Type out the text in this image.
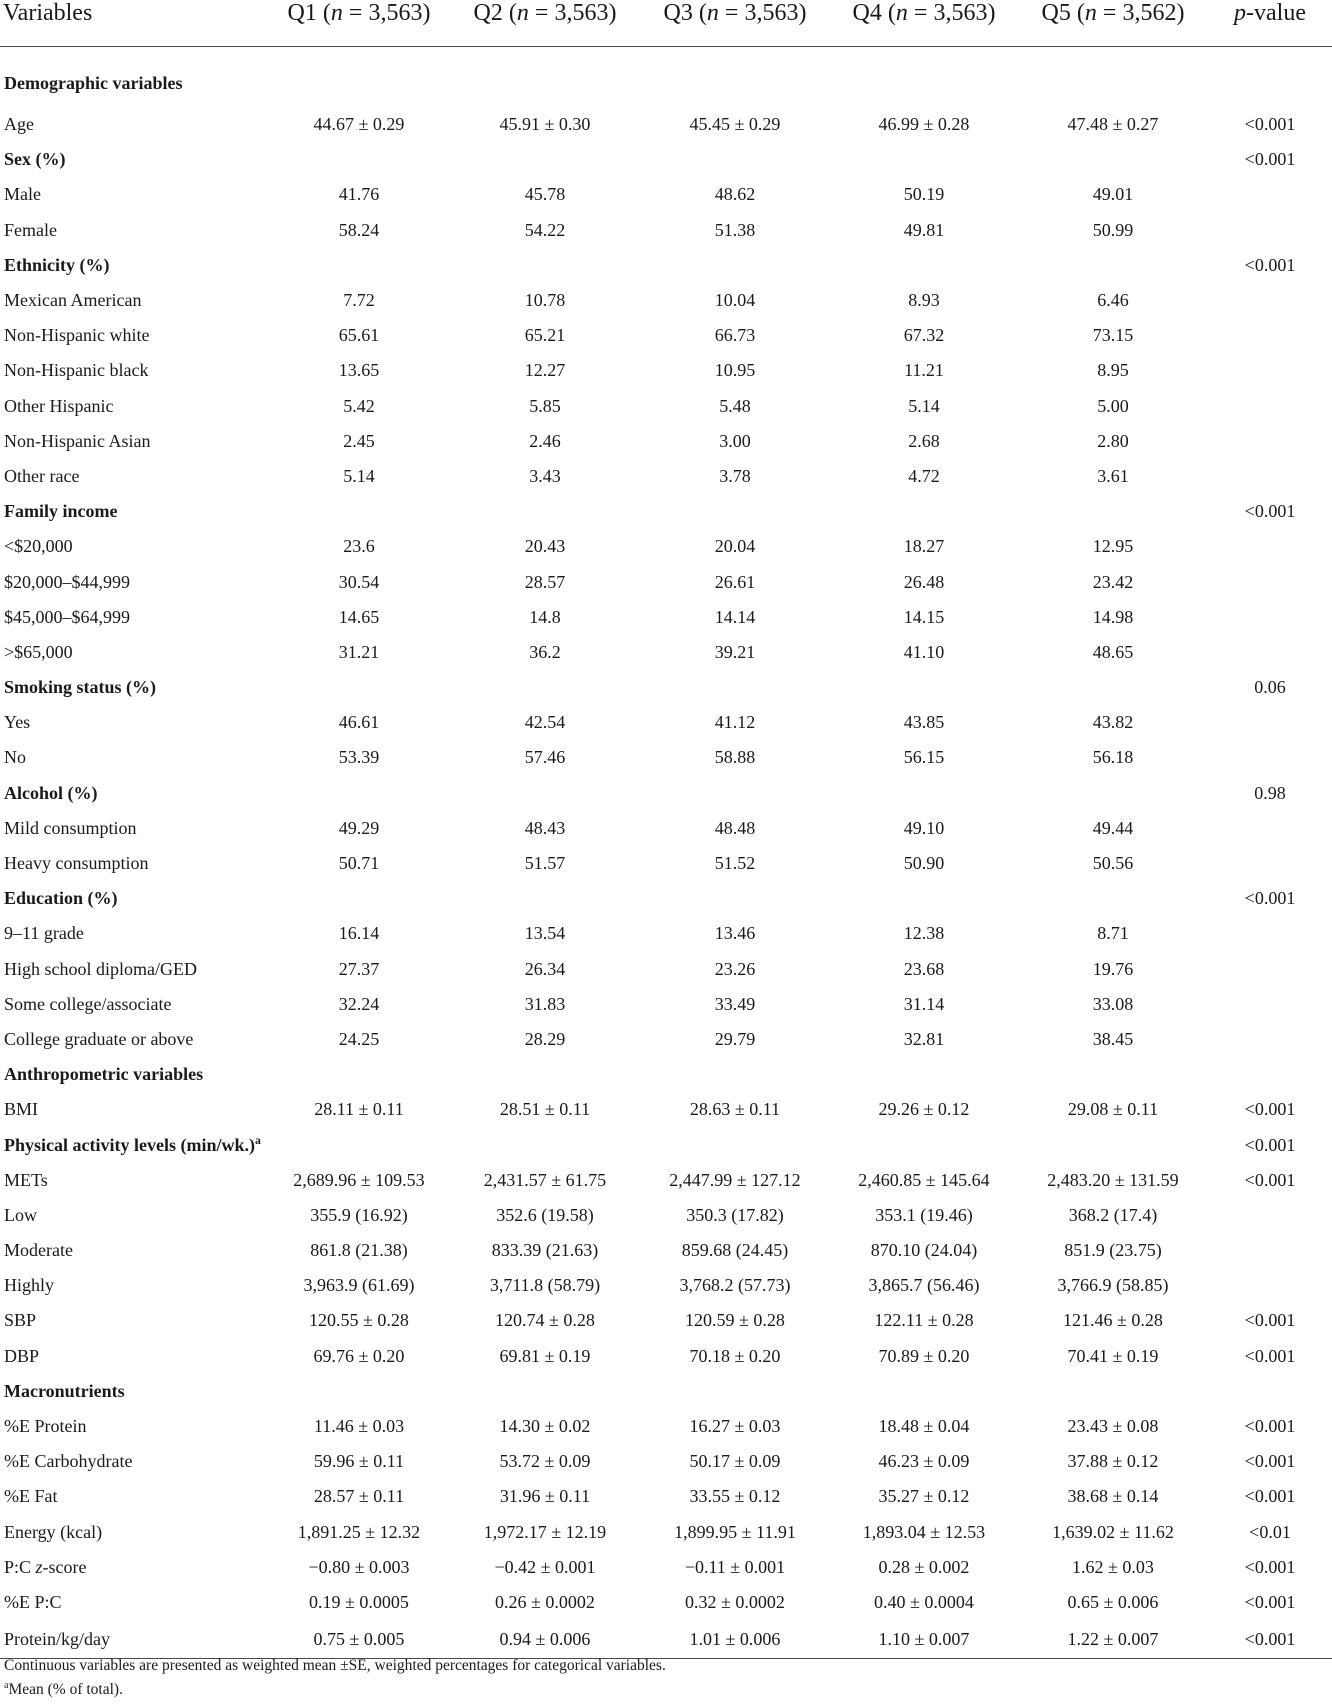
Variables	Q1 (n = 3,563)	Q2 (n = 3,563)	Q3 (n = 3,563)	Q4 (n = 3,563)	Q5 (n = 3,562)	p-value
Demographic variables						
Age	44.67 ± 0.29	45.91 ± 0.30	45.45 ± 0.29	46.99 ± 0.28	47.48 ± 0.27	<0.001
Sex (%)						<0.001
Male	41.76	45.78	48.62	50.19	49.01	
Female	58.24	54.22	51.38	49.81	50.99	
Ethnicity (%)						<0.001
Mexican American	7.72	10.78	10.04	8.93	6.46	
Non-Hispanic white	65.61	65.21	66.73	67.32	73.15	
Non-Hispanic black	13.65	12.27	10.95	11.21	8.95	
Other Hispanic	5.42	5.85	5.48	5.14	5.00	
Non-Hispanic Asian	2.45	2.46	3.00	2.68	2.80	
Other race	5.14	3.43	3.78	4.72	3.61	
Family income						<0.001
<$20,000	23.6	20.43	20.04	18.27	12.95	
$20,000–$44,999	30.54	28.57	26.61	26.48	23.42	
$45,000–$64,999	14.65	14.8	14.14	14.15	14.98	
>$65,000	31.21	36.2	39.21	41.10	48.65	
Smoking status (%)						0.06
Yes	46.61	42.54	41.12	43.85	43.82	
No	53.39	57.46	58.88	56.15	56.18	
Alcohol (%)						0.98
Mild consumption	49.29	48.43	48.48	49.10	49.44	
Heavy consumption	50.71	51.57	51.52	50.90	50.56	
Education (%)						<0.001
9–11 grade	16.14	13.54	13.46	12.38	8.71	
High school diploma/GED	27.37	26.34	23.26	23.68	19.76	
Some college/associate	32.24	31.83	33.49	31.14	33.08	
College graduate or above	24.25	28.29	29.79	32.81	38.45	
Anthropometric variables						
BMI	28.11 ± 0.11	28.51 ± 0.11	28.63 ± 0.11	29.26 ± 0.12	29.08 ± 0.11	<0.001
Physical activity levels $(\min/wk.)^a$						<0.001
METs	2,689.96 ± 109.53	2,431.57 ± 61.75	2,447.99 ± 127.12	2,460.85 ± 145.64	2,483.20 ± 131.59	<0.001
Low	355.9 (16.92)	352.6 (19.58)	350.3 (17.82)	353.1 (19.46)	368.2 (17.4)	
Moderate	861.8 (21.38)	833.39 (21.63)	859.68 (24.45)	870.10 (24.04)	851.9 (23.75)	
Highly	3,963.9 (61.69)	3,711.8 (58.79)	3,768.2 (57.73)	3,865.7 (56.46)	3,766.9 (58.85)	
SBP	120.55 ± 0.28	120.74 ± 0.28	120.59 ± 0.28	122.11 ± 0.28	121.46 ± 0.28	<0.001
DBP	69.76 ± 0.20	69.81 ± 0.19	70.18 ± 0.20	70.89 ± 0.20	70.41 ± 0.19	<0.001
Macronutrients						
%E Protein	11.46 ± 0.03	14.30 ± 0.02	16.27 ± 0.03	18.48 ± 0.04	23.43 ± 0.08	<0.001
%E Carbohydrate	59.96 ± 0.11	53.72 ± 0.09	50.17 ± 0.09	46.23 ± 0.09	37.88 ± 0.12	<0.001
%E Fat	28.57 ± 0.11	31.96 ± 0.11	33.55 ± 0.12	35.27 ± 0.12	38.68 ± 0.14	<0.001
Energy (kcal)	1,891.25 ± 12.32	1,972.17 ± 12.19	1,899.95 ± 11.91	1,893.04 ± 12.53	1,639.02 ± 11.62	<0.01
P:C z-score	−0.80 ± 0.003	−0.42 ± 0.001	−0.11 ± 0.001	0.28 ± 0.002	1.62 ± 0.03	<0.001
%E P:C	0.19 ± 0.0005	0.26 ± 0.0002	0.32 ± 0.0002	0.40 ± 0.0004	0.65 ± 0.006	<0.001
Protein/kg/day	0.75 ± 0.005	0.94 ± 0.006	1.01 ± 0.006	1.10 ± 0.007	1.22 ± 0.007	<0.001
Continuous variables are presented as weighted mean ±SE, weighted percentages for categorical variables.
$^a$Mean (% of total).
